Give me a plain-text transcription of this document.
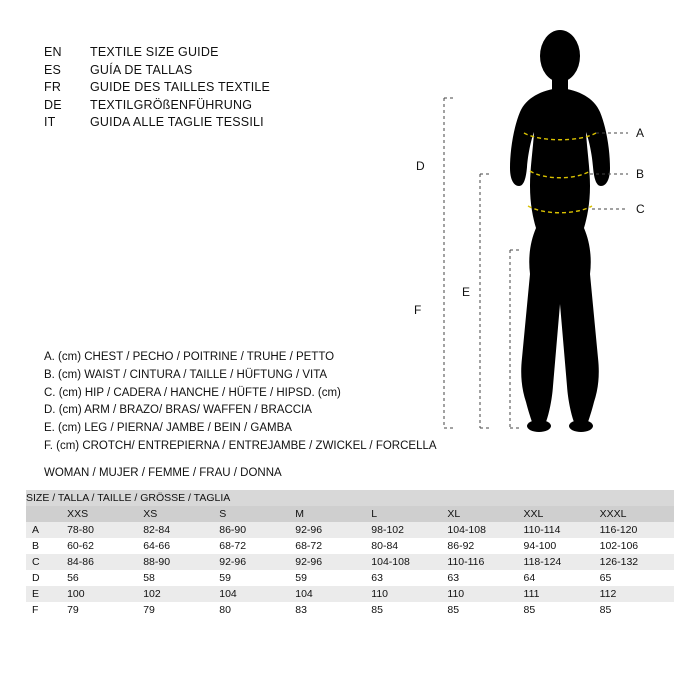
EN	TEXTILE SIZE GUIDE
ES	GUÍA DE TALLAS
FR	GUIDE DES TAILLES TEXTILE
DE	TEXTILGRÖßENFÜHRUNG
IT	GUIDA ALLE TAGLIE TESSILI
A. (cm) CHEST / PECHO / POITRINE / TRUHE / PETTO
B. (cm) WAIST / CINTURA / TAILLE / HÜFTUNG / VITA
C. (cm) HIP / CADERA / HANCHE / HÜFTE / HIPSD. (cm)
D. (cm) ARM / BRAZO/ BRAS/ WAFFEN / BRACCIA
E. (cm) LEG / PIERNA/ JAMBE / BEIN / GAMBA
F. (cm) CROTCH/ ENTREPIERNA / ENTREJAMBE / ZWICKEL / FORCELLA
WOMAN / MUJER / FEMME / FRAU / DONNA
A
B
C
D
E
F
SIZE / TALLA / TAILLE / GRÖSSE / TAGLIA								
	XXS	XS	S	M	L	XL	XXL	XXXL
A	78-80	82-84	86-90	92-96	98-102	104-108	110-114	116-120
B	60-62	64-66	68-72	68-72	80-84	86-92	94-100	102-106
C	84-86	88-90	92-96	92-96	104-108	110-116	118-124	126-132
D	56	58	59	59	63	63	64	65
E	100	102	104	104	110	110	111	112
F	79	79	80	83	85	85	85	85
